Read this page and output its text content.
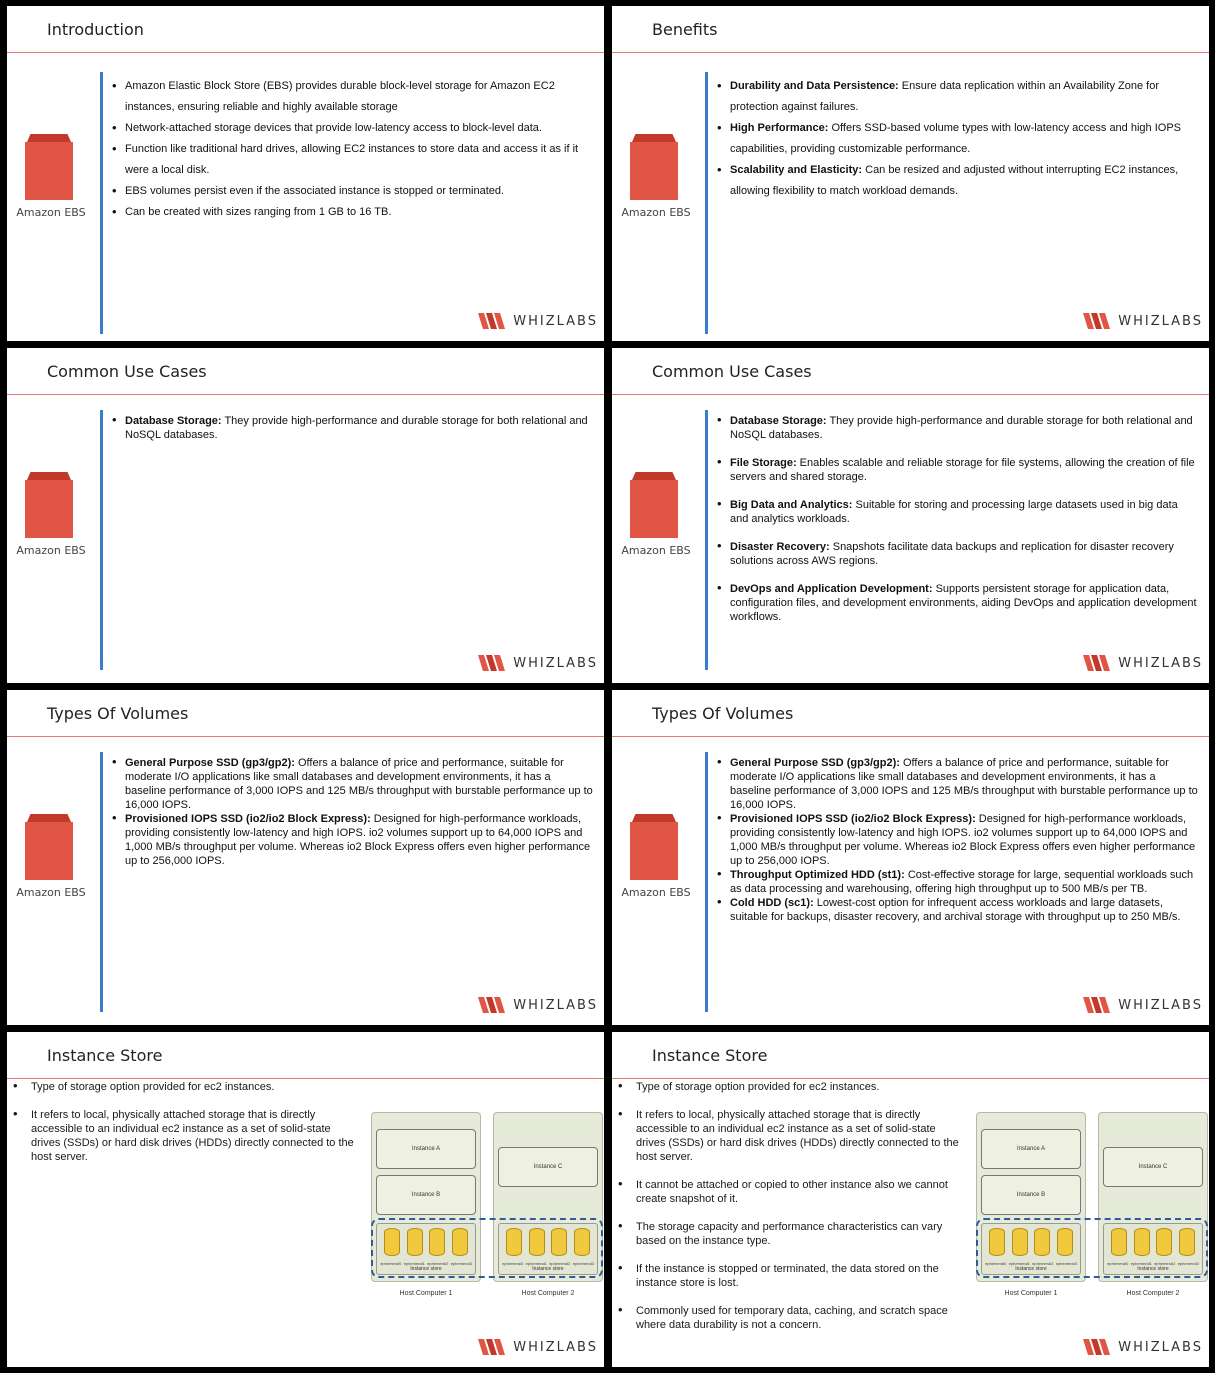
Introduction
Amazon EBS
• Amazon Elastic Block Store (EBS) provides durable block-level storage for Amazon EC2 instances, ensuring reliable and highly available storage
• Network-attached storage devices that provide low-latency access to block-level data.
• Function like traditional hard drives, allowing EC2 instances to store data and access it as if it were a local disk.
• EBS volumes persist even if the associated instance is stopped or terminated.
• Can be created with sizes ranging from 1 GB to 16 TB.
WHIZLABS
Benefits
Amazon EBS
• Durability and Data Persistence: Ensure data replication within an Availability Zone for protection against failures.
• High Performance: Offers SSD-based volume types with low-latency access and high IOPS capabilities, providing customizable performance.
• Scalability and Elasticity: Can be resized and adjusted without interrupting EC2 instances, allowing flexibility to match workload demands.
WHIZLABS
Common Use Cases
Amazon EBS
• Database Storage: They provide high-performance and durable storage for both relational and NoSQL databases.
WHIZLABS
Common Use Cases
Amazon EBS
• Database Storage: They provide high-performance and durable storage for both relational and NoSQL databases.
• File Storage: Enables scalable and reliable storage for file systems, allowing the creation of file servers and shared storage.
• Big Data and Analytics: Suitable for storing and processing large datasets used in big data and analytics workloads.
• Disaster Recovery: Snapshots facilitate data backups and replication for disaster recovery solutions across AWS regions.
• DevOps and Application Development: Supports persistent storage for application data, configuration files, and development environments, aiding DevOps and application development workflows.
WHIZLABS
Types Of Volumes
Amazon EBS
• General Purpose SSD (gp3/gp2): Offers a balance of price and performance, suitable for moderate I/O applications like small databases and development environments, it has a baseline performance of 3,000 IOPS and 125 MB/s throughput with burstable performance up to 16,000 IOPS.
• Provisioned IOPS SSD (io2/io2 Block Express): Designed for high-performance workloads, providing consistently low-latency and high IOPS. io2 volumes support up to 64,000 IOPS and 1,000 MB/s throughput per volume. Whereas io2 Block Express offers even higher performance up to 256,000 IOPS.
WHIZLABS
Types Of Volumes
Amazon EBS
• General Purpose SSD (gp3/gp2): Offers a balance of price and performance, suitable for moderate I/O applications like small databases and development environments, it has a baseline performance of 3,000 IOPS and 125 MB/s throughput with burstable performance up to 16,000 IOPS.
• Provisioned IOPS SSD (io2/io2 Block Express): Designed for high-performance workloads, providing consistently low-latency and high IOPS. io2 volumes support up to 64,000 IOPS and 1,000 MB/s throughput per volume. Whereas io2 Block Express offers even higher performance up to 256,000 IOPS.
• Throughput Optimized HDD (st1): Cost-effective storage for large, sequential workloads such as data processing and warehousing, offering high throughput up to 500 MB/s per TB.
• Cold HDD (sc1): Lowest-cost option for infrequent access workloads and large datasets, suitable for backups, disaster recovery, and archival storage with throughput up to 250 MB/s.
WHIZLABS
Instance Store
• Type of storage option provided for ec2 instances.
• It refers to local, physically attached storage that is directly accessible to an individual ec2 instance as a set of solid-state drives (SSDs) or hard disk drives (HDDs) directly connected to the host server.
Instance A
Instance B
ephemeral0 ephemeral1 ephemeral2 ephemeral3
Instance store
Host Computer 1
Instance C
ephemeral0 ephemeral1 ephemeral2 ephemeral3
Instance store
Host Computer 2
WHIZLABS
Instance Store
• Type of storage option provided for ec2 instances.
• It refers to local, physically attached storage that is directly accessible to an individual ec2 instance as a set of solid-state drives (SSDs) or hard disk drives (HDDs) directly connected to the host server.
• It cannot be attached or copied to other instance also we cannot create snapshot of it.
• The storage capacity and performance characteristics can vary based on the instance type.
• If the instance is stopped or terminated, the data stored on the instance store is lost.
• Commonly used for temporary data, caching, and scratch space where data durability is not a concern.
Instance A
Instance B
ephemeral0 ephemeral1 ephemeral2 ephemeral3
Instance store
Host Computer 1
Instance C
ephemeral0 ephemeral1 ephemeral2 ephemeral3
Instance store
Host Computer 2
WHIZLABS
